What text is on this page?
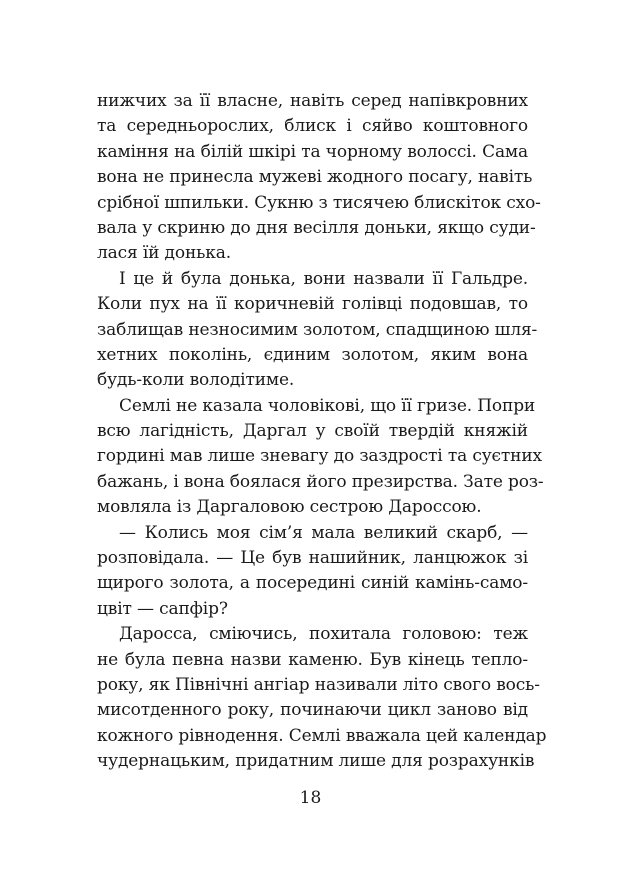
нижчих за її власне, навіть серед напівкровних
та середньорослих, блиск і сяйво коштовного
каміння на білій шкірі та чорному волоссі. Сама
вона не принесла мужеві жодного посагу, навіть
срібної шпильки. Сукню з тисячею блискіток схо-
вала у скриню до дня весілля доньки, якщо суди-
лася їй донька.
І це й була донька, вони назвали її Гальдре.
Коли пух на її коричневій голівці подовшав, то
заблищав незносимим золотом, спадщиною шля-
хетних поколінь, єдиним золотом, яким вона
будь-коли володітиме.
Семлі не казала чоловікові, що її гризе. Попри
всю лагідність, Даргал у своїй твердій княжій
гордині мав лише зневагу до заздрості та суєтних
бажань, і вона боялася його презирства. Зате роз-
мовляла із Даргаловою сестрою Дароссою.
— Колись моя сім’я мала великий скарб, —
розповідала. — Це був нашийник, ланцюжок зі
щирого золота, а посередині синій камінь-само-
цвіт — сапфір?
Даросса, сміючись, похитала головою: теж
не була певна назви каменю. Був кінець тепло-
року, як Північні ангіар називали літо свого вось-
мисотденного року, починаючи цикл заново від
кожного рівнодення. Семлі вважала цей календар
чудернацьким, придатним лише для розрахунків
18
